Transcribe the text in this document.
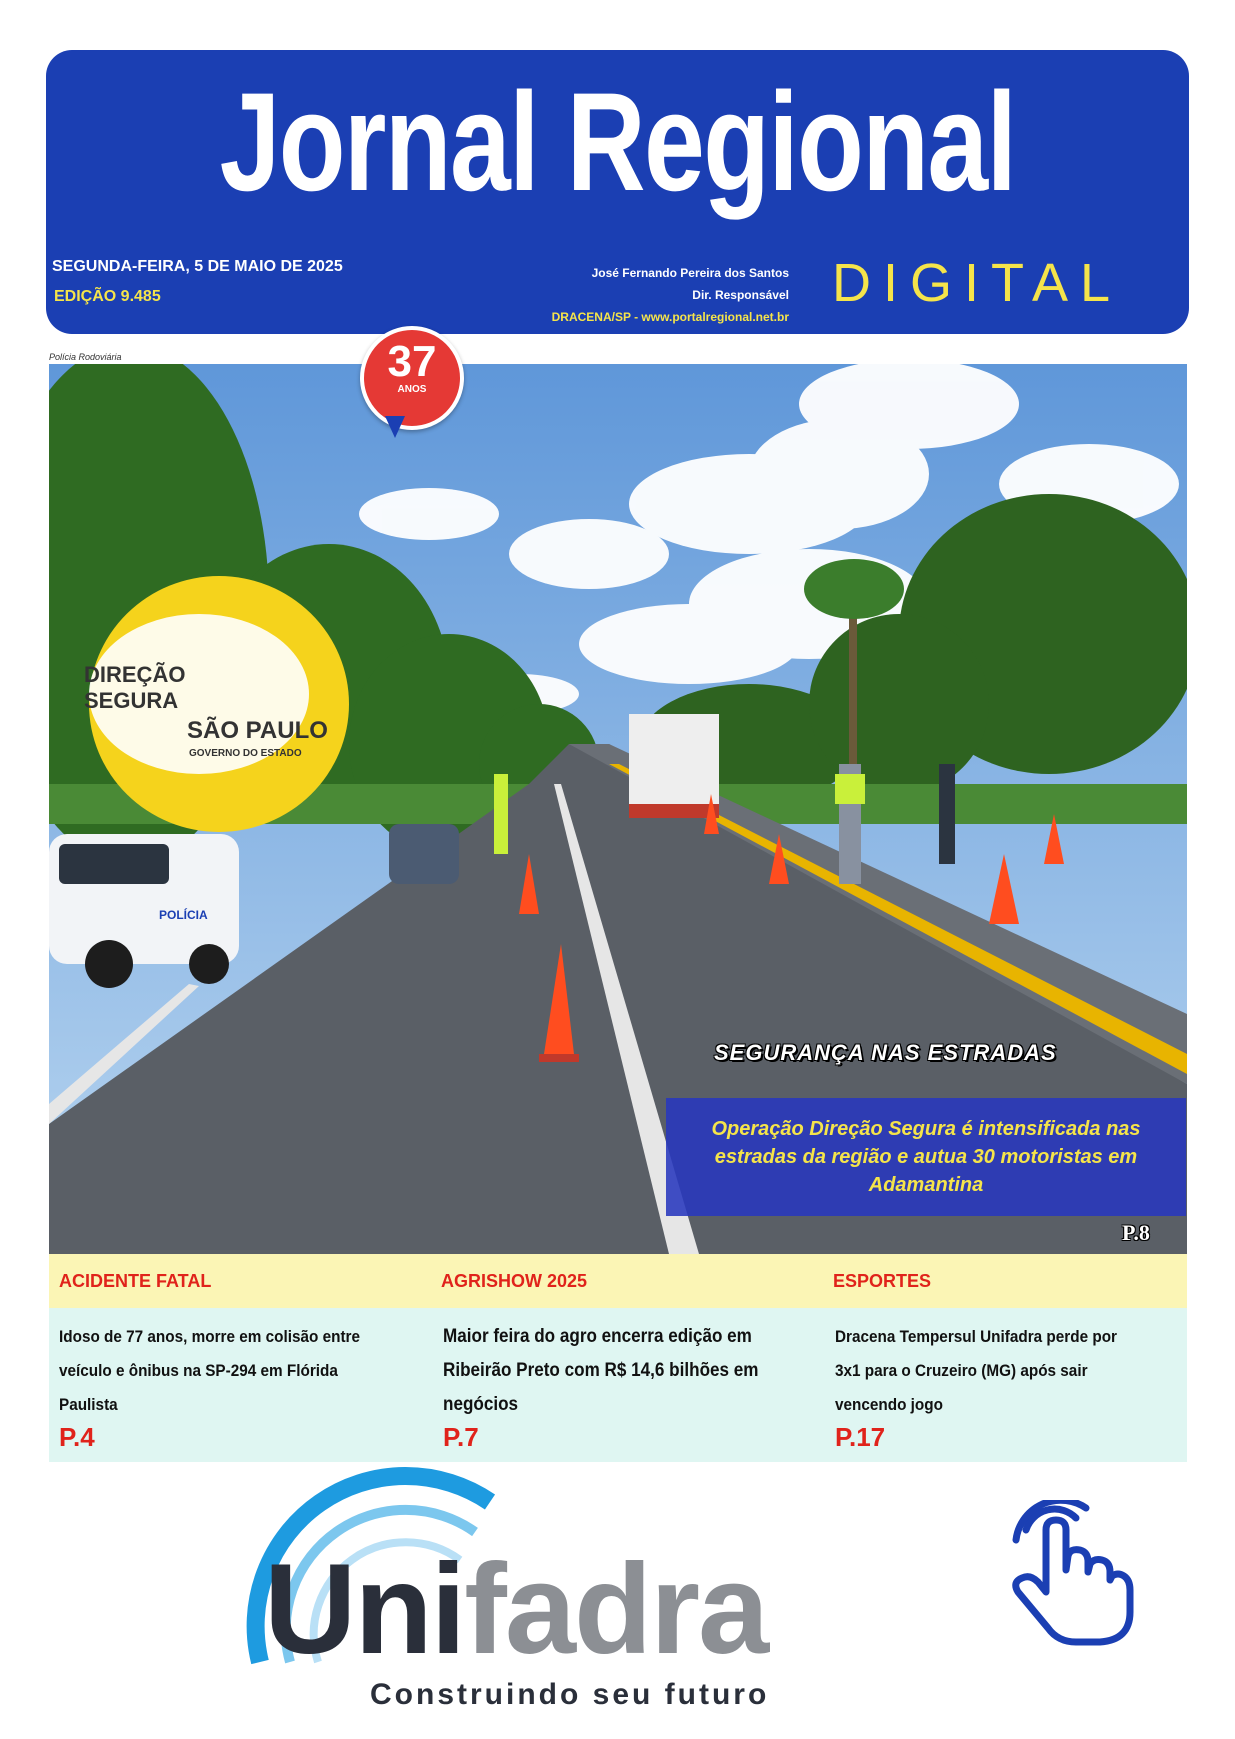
Jornal Regional
SEGUNDA-FEIRA, 5 DE MAIO DE 2025
EDIÇÃO 9.485
José Fernando Pereira dos Santos
Dir. Responsável
DRACENA/SP - www.portalregional.net.br
DIGITAL
Polícia Rodoviária
DIREÇÃO
SEGURA
SÃO PAULO
GOVERNO DO ESTADO
POLÍCIA
37
ANOS
SEGURANÇA NAS ESTRADAS
Operação Direção Segura é intensificada nas estradas da região e autua 30 motoristas em Adamantina
P.8
ACIDENTE FATAL	AGRISHOW 2025	ESPORTES
Idoso de 77 anos, morre em colisão entre veículo e ônibus na SP-294 em Flórida Paulista
P.4
Maior feira do agro encerra edição em Ribeirão Preto com R$ 14,6 bilhões em negócios
P.7
Dracena Tempersul Unifadra perde por 3x1 para o Cruzeiro (MG) após sair vencendo jogo
P.17
Unifadra
Construindo seu futuro
